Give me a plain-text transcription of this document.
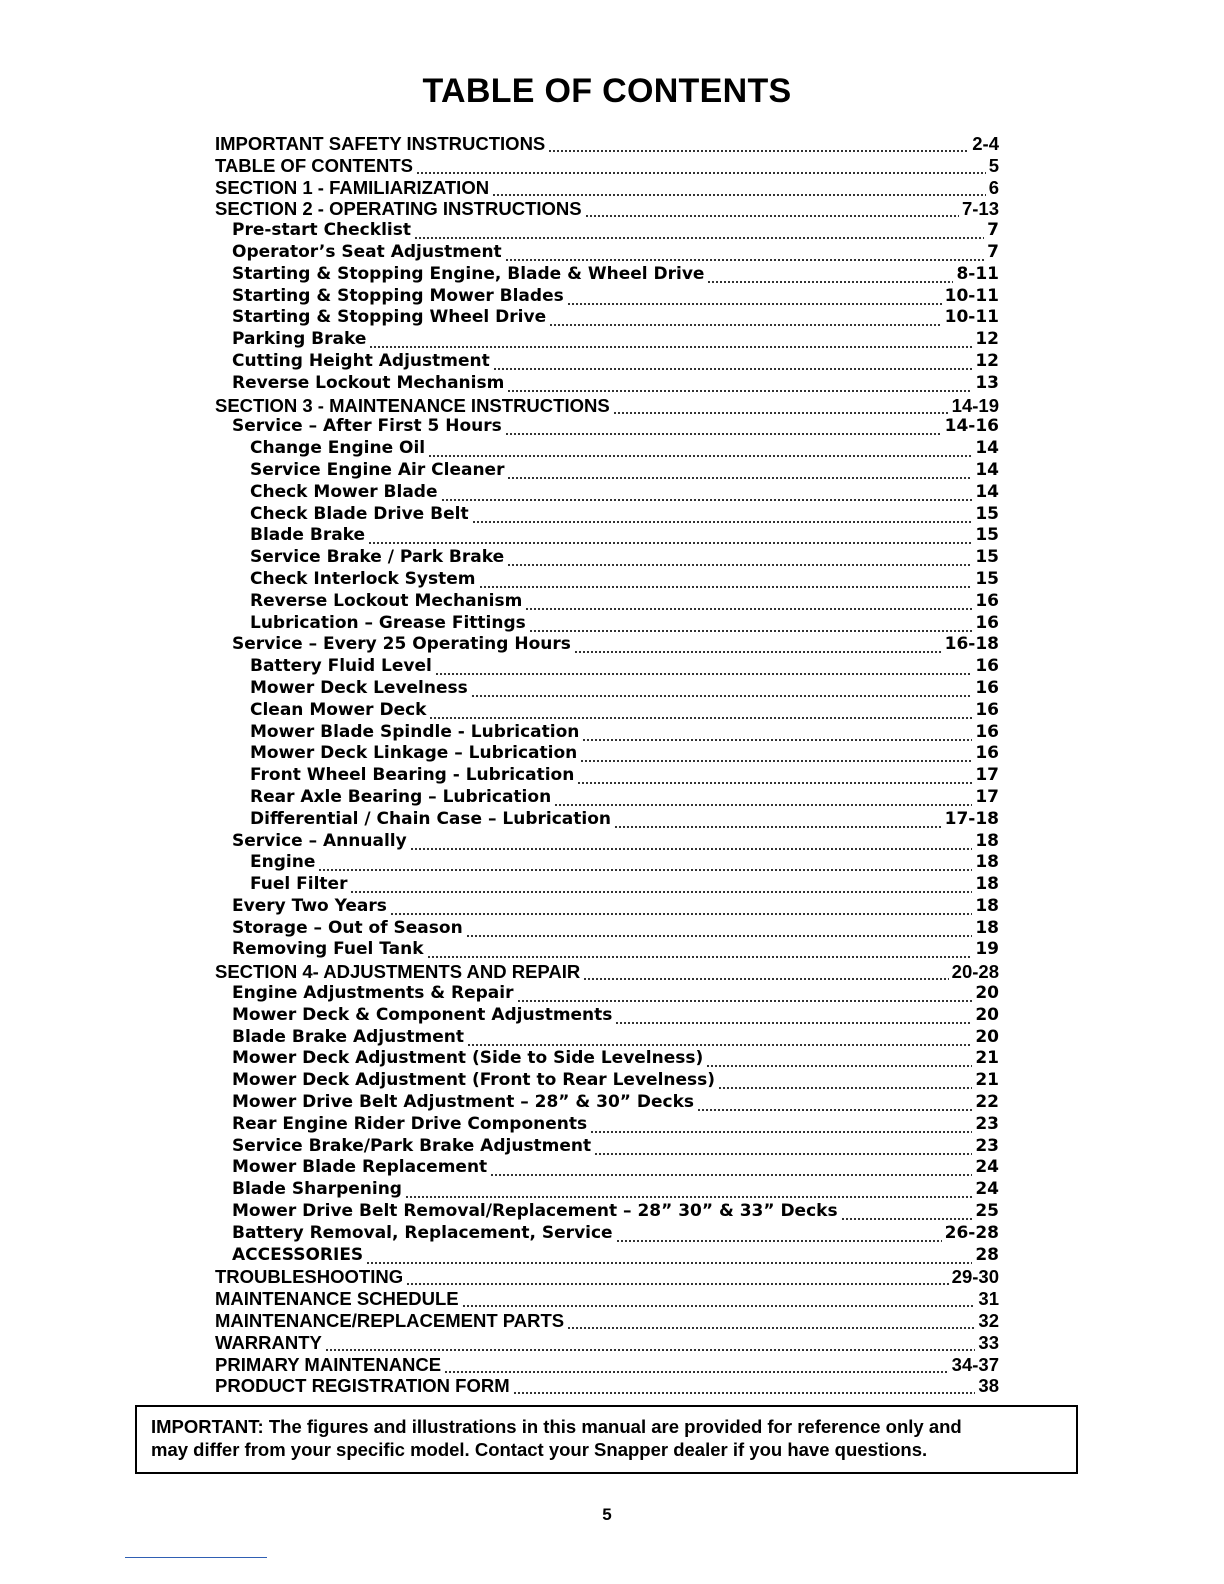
TABLE OF CONTENTS
IMPORTANT SAFETY INSTRUCTIONS	2-4
TABLE OF CONTENTS	5
SECTION 1 - FAMILIARIZATION	6
SECTION 2 - OPERATING INSTRUCTIONS	7-13
Pre-start Checklist	7
Operator’s Seat Adjustment	7
Starting & Stopping Engine, Blade & Wheel Drive	8-11
Starting & Stopping Mower Blades	10-11
Starting & Stopping Wheel Drive	10-11
Parking Brake	12
Cutting Height Adjustment	12
Reverse Lockout Mechanism	13
SECTION 3 - MAINTENANCE INSTRUCTIONS	14-19
Service – After First 5 Hours	14-16
Change Engine Oil	14
Service Engine Air Cleaner	14
Check Mower Blade	14
Check Blade Drive Belt	15
Blade Brake	15
Service Brake / Park Brake	15
Check Interlock System	15
Reverse Lockout Mechanism	16
Lubrication – Grease Fittings	16
Service – Every 25 Operating Hours	16-18
Battery Fluid Level	16
Mower Deck Levelness	16
Clean Mower Deck	16
Mower Blade Spindle - Lubrication	16
Mower Deck Linkage – Lubrication	16
Front Wheel Bearing - Lubrication	17
Rear Axle Bearing – Lubrication	17
Differential / Chain Case – Lubrication	17-18
Service – Annually	18
Engine	18
Fuel Filter	18
Every Two Years	18
Storage – Out of Season	18
Removing Fuel Tank	19
SECTION 4- ADJUSTMENTS AND REPAIR	20-28
Engine Adjustments & Repair	20
Mower Deck & Component Adjustments	20
Blade Brake Adjustment	20
Mower Deck Adjustment (Side to Side Levelness)	21
Mower Deck Adjustment (Front to Rear Levelness)	21
Mower Drive Belt Adjustment – 28” & 30” Decks	22
Rear Engine Rider Drive Components	23
Service Brake/Park Brake Adjustment	23
Mower Blade Replacement	24
Blade Sharpening	24
Mower Drive Belt Removal/Replacement – 28” 30” & 33” Decks	25
Battery Removal, Replacement, Service	26-28
ACCESSORIES	28
TROUBLESHOOTING	29-30
MAINTENANCE SCHEDULE	31
MAINTENANCE/REPLACEMENT PARTS	32
WARRANTY	33
PRIMARY MAINTENANCE	34-37
PRODUCT REGISTRATION FORM	38
IMPORTANT: The figures and illustrations in this manual are provided for reference only and
may differ from your specific model. Contact your Snapper dealer if you have questions.
5
